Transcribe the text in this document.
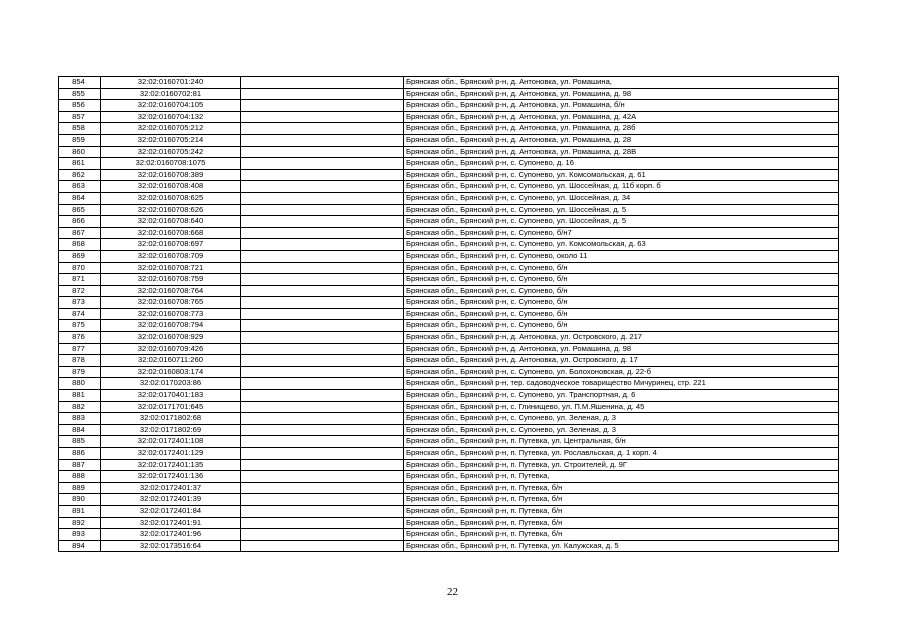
854	32:02:0160701:240		Брянская обл., Брянский р-н, д. Антоновка, ул. Ромашина,
855	32:02:0160702:81		Брянская обл., Брянский р-н, д. Антоновка, ул. Ромашина, д. 98
856	32:02:0160704:105		Брянская обл., Брянский р-н, д. Антоновка, ул. Ромашина, б/н
857	32:02:0160704:132		Брянская обл., Брянский р-н, д. Антоновка, ул. Ромашина, д. 42А
858	32:02:0160705:212		Брянская обл., Брянский р-н, д. Антоновка, ул. Ромашина, д. 28б
859	32:02:0160705:214		Брянская обл., Брянский р-н, д. Антоновка, ул. Ромашина, д. 28
860	32:02:0160705:242		Брянская обл., Брянский р-н, д. Антоновка, ул. Ромашина, д. 28В
861	32:02:0160708:1075		Брянская обл., Брянский р-н, с. Супонево, д. 16
862	32:02:0160708:389		Брянская обл., Брянский р-н, с. Супонево, ул. Комсомольская, д. 61
863	32:02:0160708:408		Брянская обл., Брянский р-н, с. Супонево, ул. Шоссейная, д. 11б корп. б
864	32:02:0160708:625		Брянская обл., Брянский р-н, с. Супонево, ул. Шоссейная, д. 34
865	32:02:0160708:626		Брянская обл., Брянский р-н, с. Супонево, ул. Шоссейная, д. 5
866	32:02:0160708:640		Брянская обл., Брянский р-н, с. Супонево, ул. Шоссейная, д. 5
867	32:02:0160708:668		Брянская обл., Брянский р-н, с. Супонево, б/н7
868	32:02:0160708:697		Брянская обл., Брянский р-н, с. Супонево, ул. Комсомольская, д. 63
869	32:02:0160708:709		Брянская обл., Брянский р-н, с. Супонево, около 11
870	32:02:0160708:721		Брянская обл., Брянский р-н, с. Супонево, б/н
871	32:02:0160708:759		Брянская обл., Брянский р-н, с. Супонево, б/н
872	32:02:0160708:764		Брянская обл., Брянский р-н, с. Супонево, б/н
873	32:02:0160708:765		Брянская обл., Брянский р-н, с. Супонево, б/н
874	32:02:0160708:773		Брянская обл., Брянский р-н, с. Супонево, б/н
875	32:02:0160708:794		Брянская обл., Брянский р-н, с. Супонево, б/н
876	32:02:0160708:929		Брянская обл., Брянский р-н, д. Антоновка, ул. Островского, д. 217
877	32:02:0160709:426		Брянская обл., Брянский р-н, д. Антоновка, ул. Ромашина, д. 98
878	32:02:0160711:260		Брянская обл., Брянский р-н, д. Антоновка, ул. Островского, д. 17
879	32:02:0160803:174		Брянская обл., Брянский р-н, с. Супонево, ул. Болохоновская, д. 22-б
880	32:02:0170203:86		Брянская обл., Брянский р-н, тер. садоводческое товарищество Мичуринец, стр. 221
881	32:02:0170401:183		Брянская обл., Брянский р-н, с. Супонево, ул. Транспортная, д. 6
882	32:02:0171701:645		Брянская обл., Брянский р-н, с. Глинищево, ул. П.М.Яшенина, д. 45
883	32:02:0171802:68		Брянская обл., Брянский р-н, с. Супонево, ул. Зеленая, д. 3
884	32:02:0171802:69		Брянская обл., Брянский р-н, с. Супонево, ул. Зеленая, д. 3
885	32:02:0172401:108		Брянская обл., Брянский р-н, п. Путевка, ул. Центральная, б/н
886	32:02:0172401:129		Брянская обл., Брянский р-н, п. Путевка, ул. Рославльская, д. 1 корп. 4
887	32:02:0172401:135		Брянская обл., Брянский р-н, п. Путевка, ул. Строителей, д. 9Г
888	32:02:0172401:136		Брянская обл., Брянский р-н, п. Путевка,
889	32:02:0172401:37		Брянская обл., Брянский р-н, п. Путевка, б/н
890	32:02:0172401:39		Брянская обл., Брянский р-н, п. Путевка, б/н
891	32:02:0172401:84		Брянская обл., Брянский р-н, п. Путевка, б/н
892	32:02:0172401:91		Брянская обл., Брянский р-н, п. Путевка, б/н
893	32:02:0172401:96		Брянская обл., Брянский р-н, п. Путевка, б/н
894	32:02:0173516:64		Брянская обл., Брянский р-н, п. Путевка, ул. Калужская, д. 5
22
